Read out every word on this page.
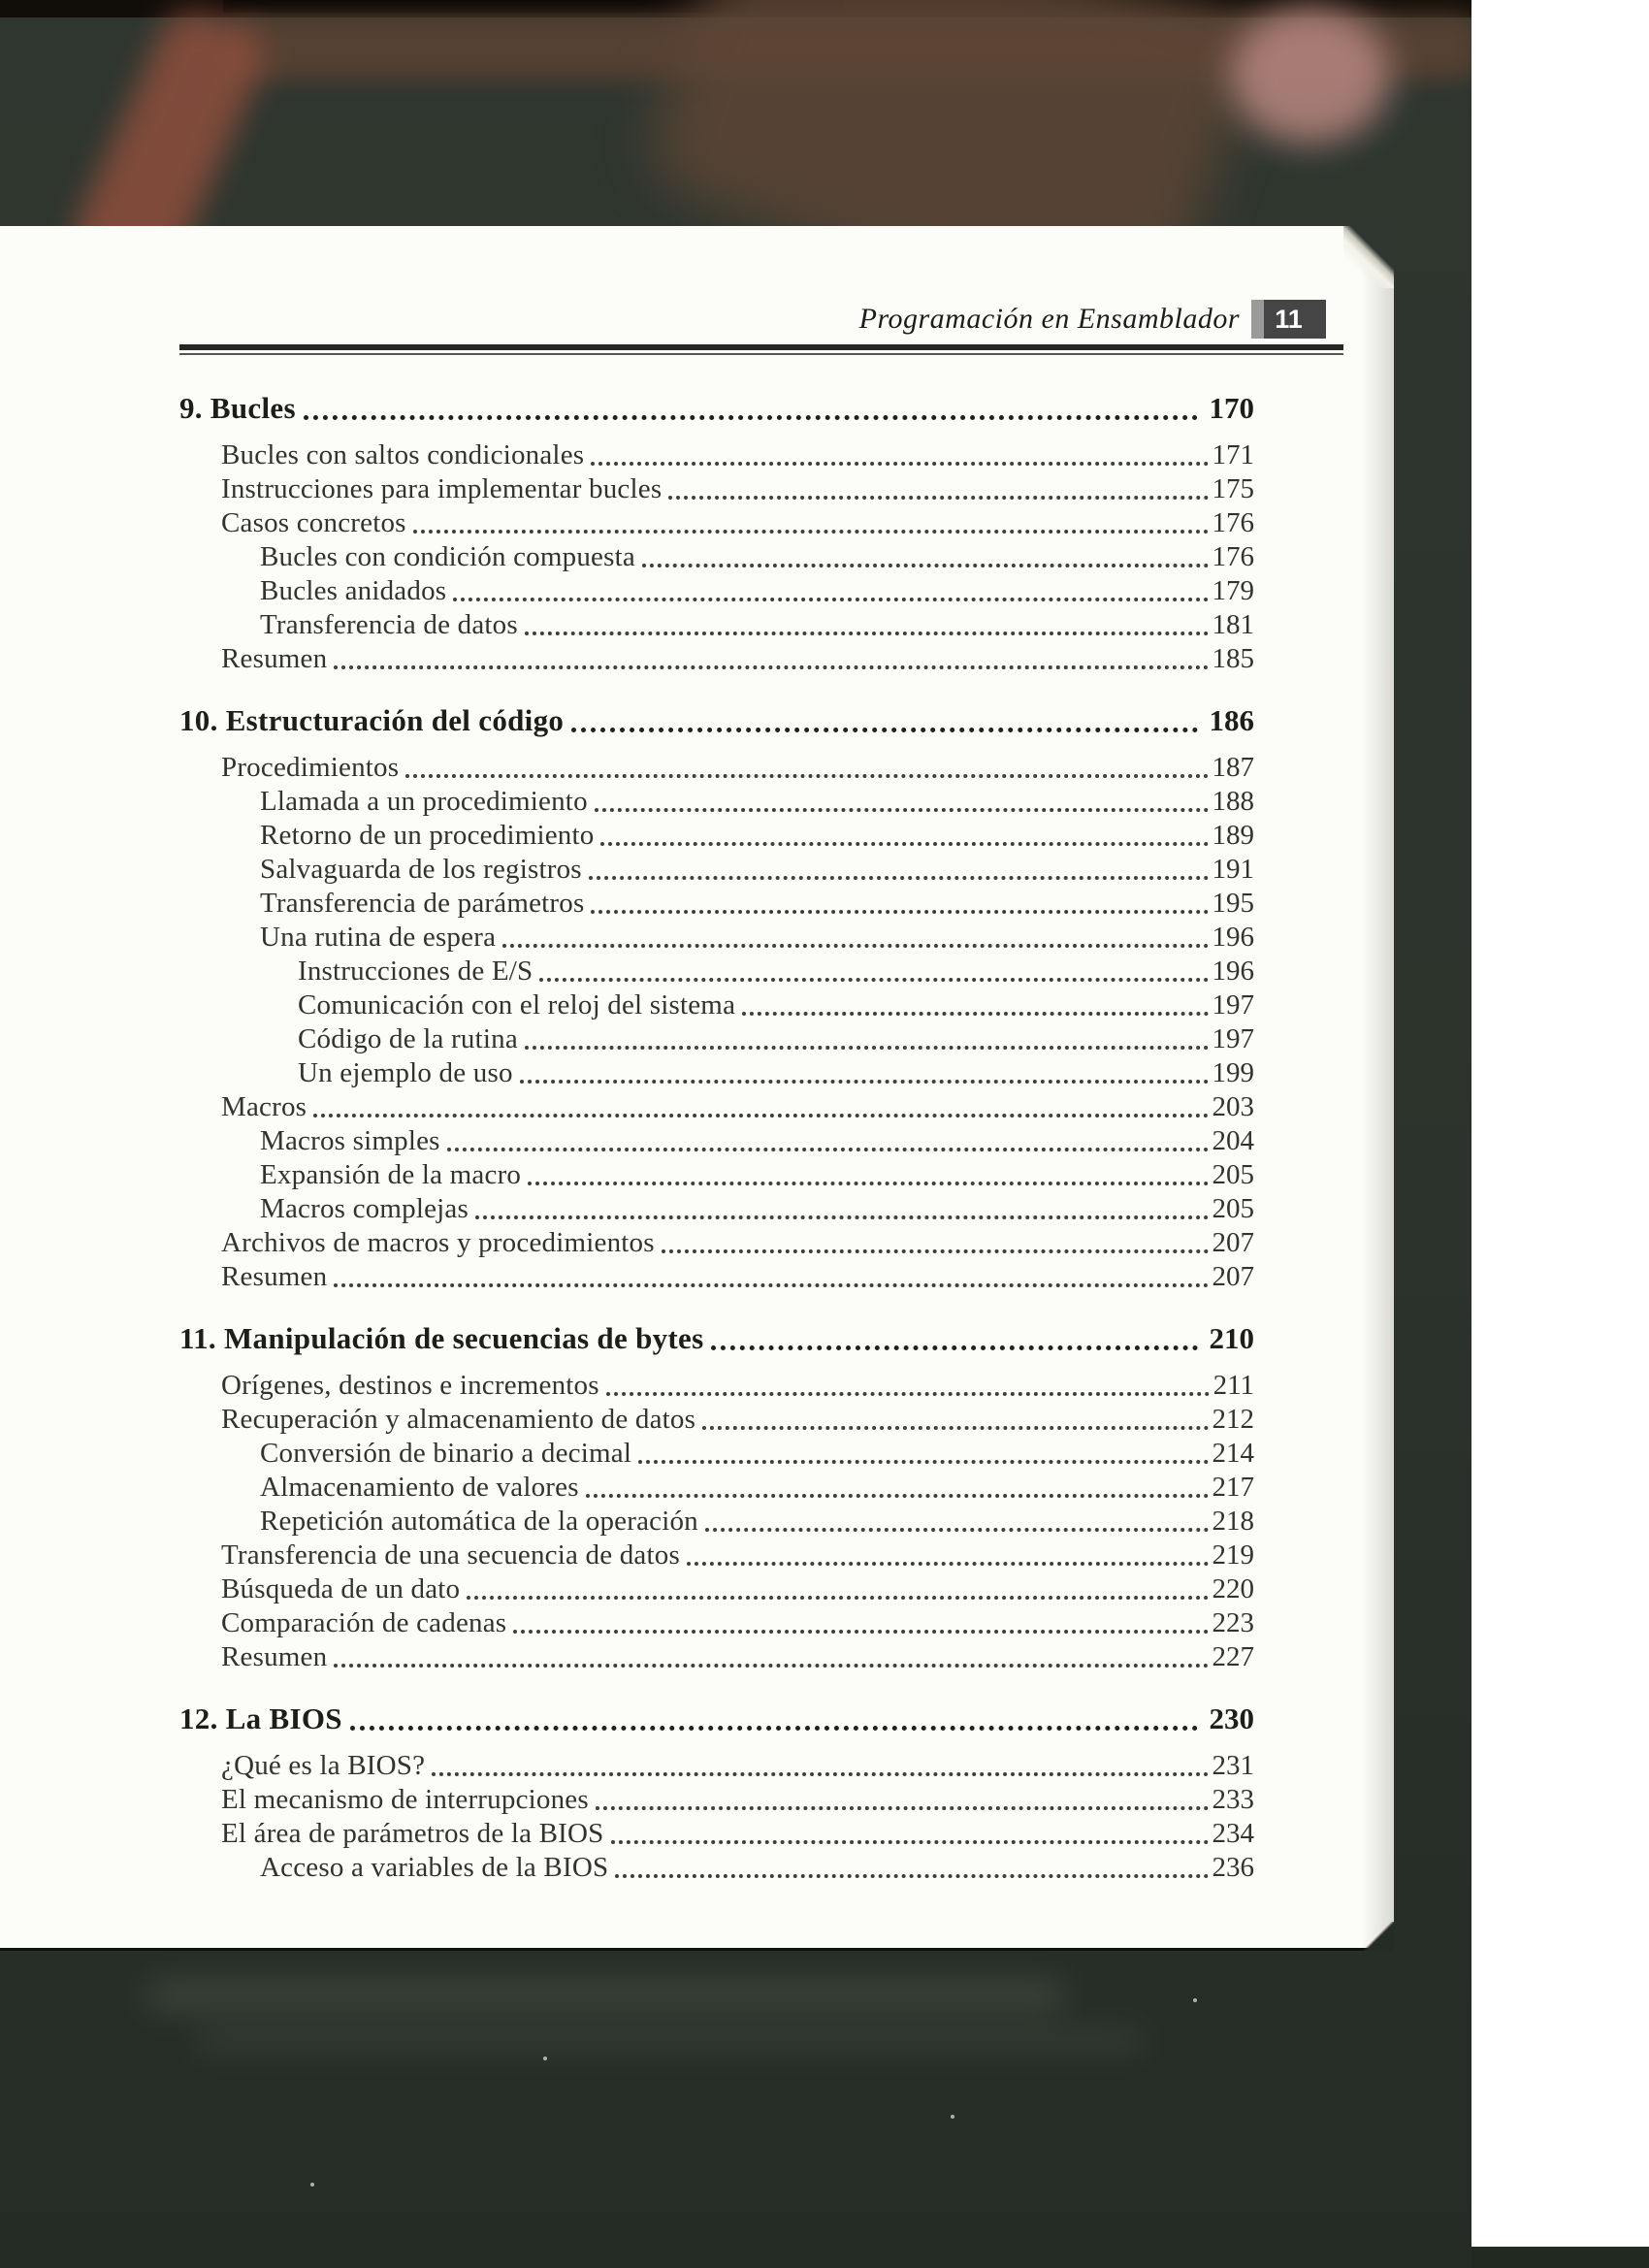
Programación en Ensamblador 11
9. Bucles	170
Bucles con saltos condicionales	171
Instrucciones para implementar bucles	175
Casos concretos	176
Bucles con condición compuesta	176
Bucles anidados	179
Transferencia de datos	181
Resumen	185
10. Estructuración del código	186
Procedimientos	187
Llamada a un procedimiento	188
Retorno de un procedimiento	189
Salvaguarda de los registros	191
Transferencia de parámetros	195
Una rutina de espera	196
Instrucciones de E/S	196
Comunicación con el reloj del sistema	197
Código de la rutina	197
Un ejemplo de uso	199
Macros	203
Macros simples	204
Expansión de la macro	205
Macros complejas	205
Archivos de macros y procedimientos	207
Resumen	207
11. Manipulación de secuencias de bytes	210
Orígenes, destinos e incrementos	211
Recuperación y almacenamiento de datos	212
Conversión de binario a decimal	214
Almacenamiento de valores	217
Repetición automática de la operación	218
Transferencia de una secuencia de datos	219
Búsqueda de un dato	220
Comparación de cadenas	223
Resumen	227
12. La BIOS	230
¿Qué es la BIOS?	231
El mecanismo de interrupciones	233
El área de parámetros de la BIOS	234
Acceso a variables de la BIOS	236
